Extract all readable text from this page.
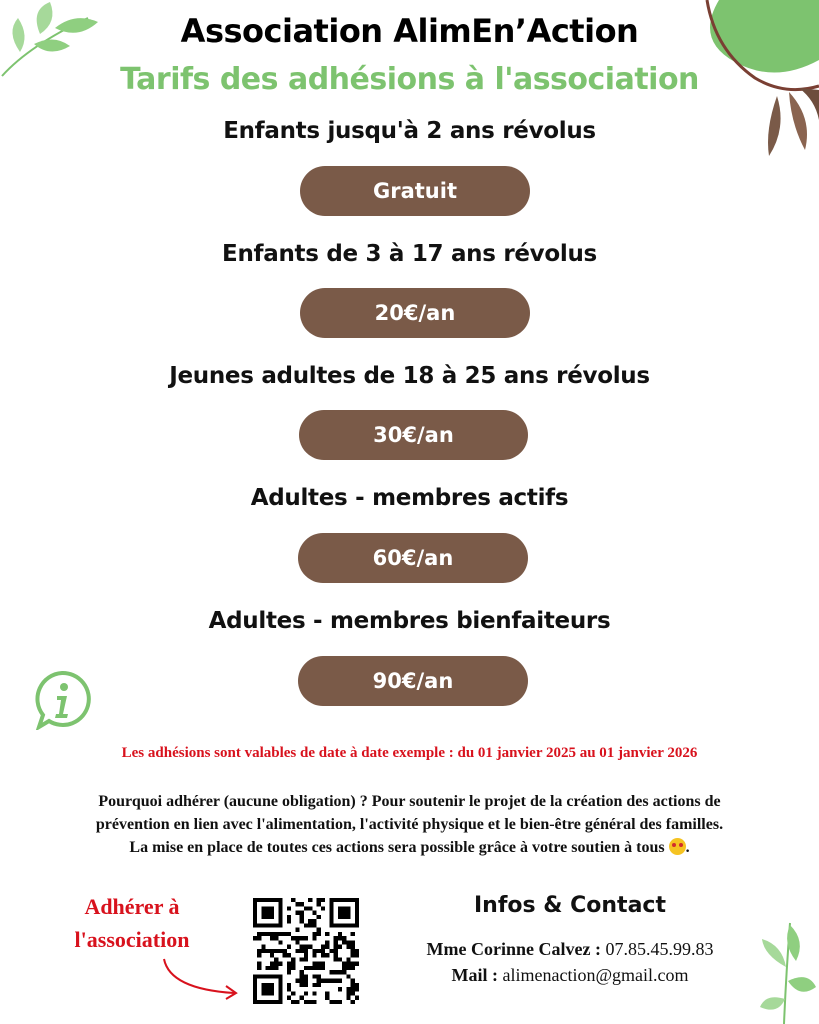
Association AlimEn’Action
Tarifs des adhésions à l'association
Enfants jusqu'à 2 ans révolus
Gratuit
Enfants de 3 à 17 ans révolus
20€/an
Jeunes adultes de 18 à 25 ans révolus
30€/an
Adultes - membres actifs
60€/an
Adultes - membres bienfaiteurs
90€/an
Les adhésions sont valables de date à date exemple : du 01 janvier 2025 au 01 janvier 2026
Pourquoi adhérer (aucune obligation) ? Pour soutenir le projet de la création des actions de
prévention en lien avec l'alimentation, l'activité physique et le bien-être général des familles.
La mise en place de toutes ces actions sera possible grâce à votre soutien à tous .
Adhérer à
l'association
Infos & Contact
Mme Corinne Calvez : 07.85.45.99.83
Mail : alimenaction@gmail.com
